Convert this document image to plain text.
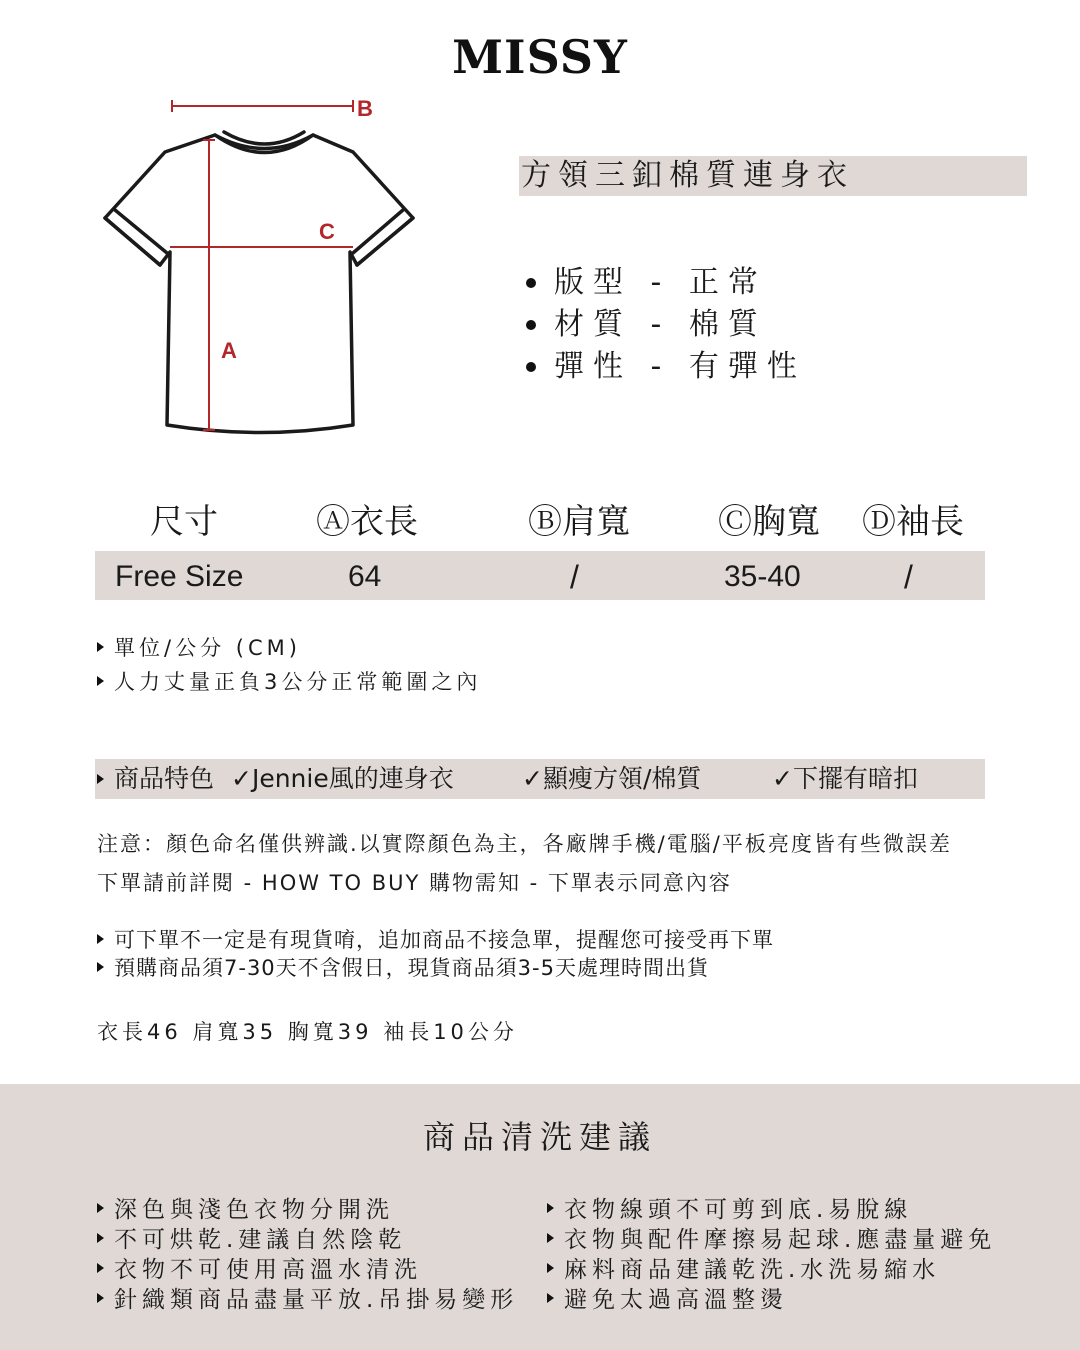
MISSY
B
C
A
方領三釦棉質連身衣
版型 - 正常
材質 - 棉質
彈性 - 有彈性
尺寸	Ⓐ衣長	Ⓑ肩寬	Ⓒ胸寬 Ⓓ袖長
Free Size	64	/	35-40	/
單位/公分 (CM)
人力丈量正負3公分正常範圍之內
商品特色 ✓Jennie風的連身衣	✓顯瘦方領/棉質	✓下擺有暗扣
注意：顏色命名僅供辨識.以實際顏色為主，各廠牌手機/電腦/平板亮度皆有些微誤差
下單請前詳閱 - HOW TO BUY 購物需知 - 下單表示同意內容
可下單不一定是有現貨唷，追加商品不接急單，提醒您可接受再下單
預購商品須7-30天不含假日，現貨商品須3-5天處理時間出貨
衣長46 肩寬35 胸寬39 袖長10公分
商品清洗建議
深色與淺色衣物分開洗
不可烘乾.建議自然陰乾
衣物不可使用高溫水清洗
針織類商品盡量平放.吊掛易變形
衣物線頭不可剪到底.易脫線
衣物與配件摩擦易起球.應盡量避免
麻料商品建議乾洗.水洗易縮水
避免太過高溫整燙
